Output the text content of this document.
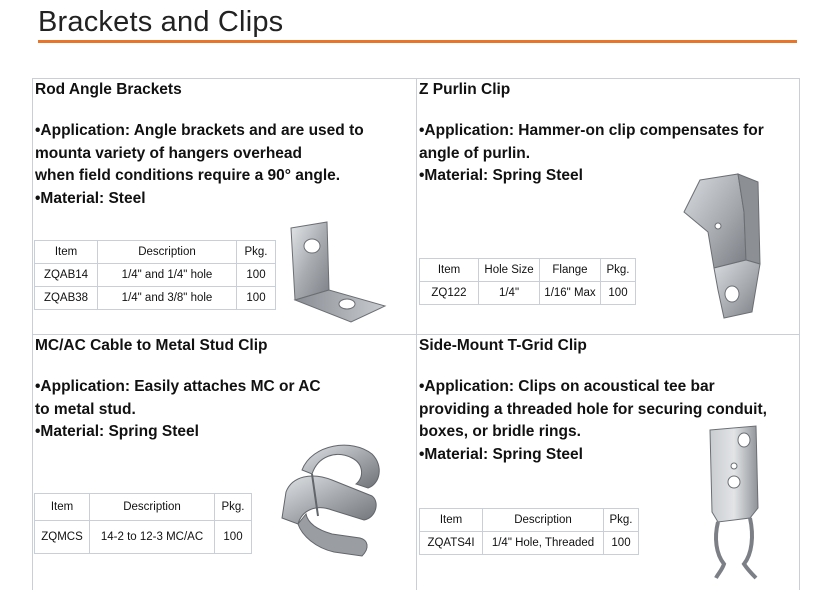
Brackets and Clips
Rod Angle Brackets
•Application: Angle brackets and are used to
mounta variety of hangers overhead
when field conditions require a 90° angle.
•Material: Steel
Item	Description	Pkg.
ZQAB14	1/4" and 1/4" hole	100
ZQAB38	1/4" and 3/8" hole	100
Z Purlin Clip
•Application: Hammer-on clip compensates for
angle of purlin.
•Material: Spring Steel
Item	Hole Size	Flange	Pkg.
ZQ122	1/4"	1/16" Max	100
MC/AC Cable to Metal Stud Clip
•Application: Easily attaches MC or AC
to metal stud.
•Material: Spring Steel
Item	Description	Pkg.
ZQMCS	14-2 to 12-3 MC/AC	100
Side-Mount T-Grid Clip
•Application: Clips on acoustical tee bar
providing a threaded hole for securing conduit,
boxes, or bridle rings.
•Material: Spring Steel
Item	Description	Pkg.
ZQATS4I	1/4" Hole, Threaded	100
